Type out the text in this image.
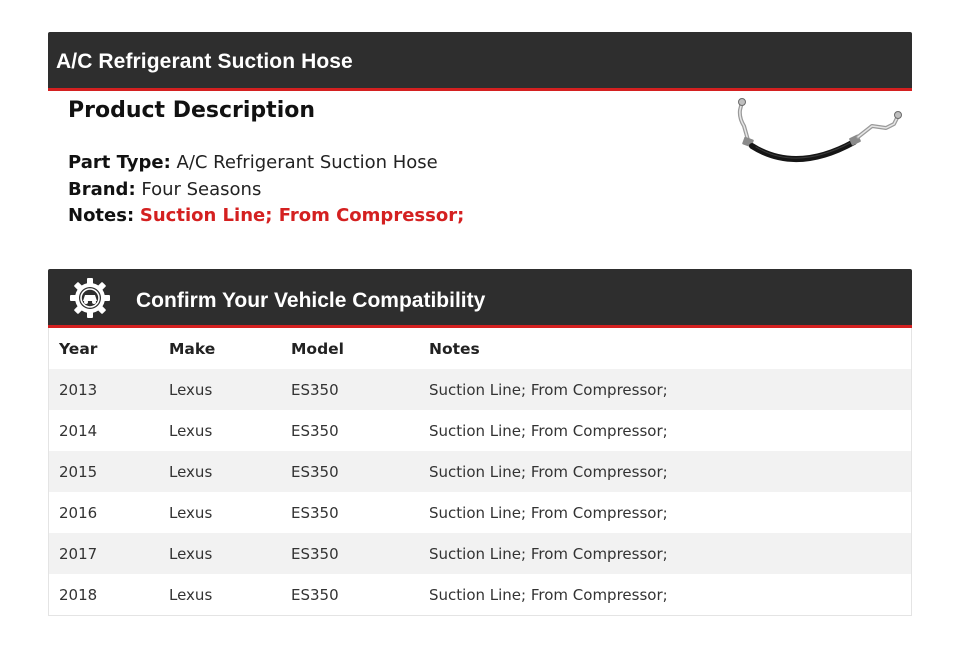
A/C Refrigerant Suction Hose
Product Description
Part Type: A/C Refrigerant Suction Hose
Brand: Four Seasons
Notes: Suction Line; From Compressor;
Confirm Your Vehicle Compatibility
Year	Make	Model	Notes
2013	Lexus	ES350	Suction Line; From Compressor;
2014	Lexus	ES350	Suction Line; From Compressor;
2015	Lexus	ES350	Suction Line; From Compressor;
2016	Lexus	ES350	Suction Line; From Compressor;
2017	Lexus	ES350	Suction Line; From Compressor;
2018	Lexus	ES350	Suction Line; From Compressor;
